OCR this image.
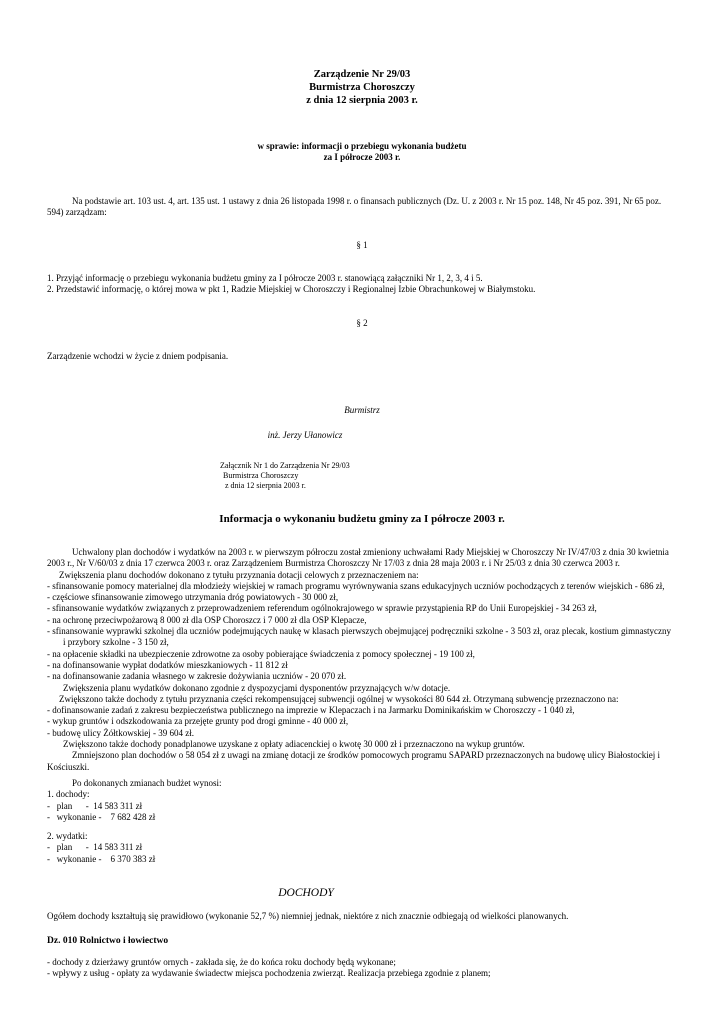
Zarządzenie Nr 29/03
Burmistrza Choroszczy
z dnia 12 sierpnia 2003 r.
w sprawie: informacji o przebiegu wykonania budżetu
za I półrocze 2003 r.
Na podstawie art. 103 ust. 4, art. 135 ust. 1 ustawy z dnia 26 listopada 1998 r. o finansach publicznych (Dz. U. z 2003 r. Nr 15 poz. 148, Nr 45 poz. 391, Nr 65 poz.
594) zarządzam:
§ 1
1. Przyjąć informację o przebiegu wykonania budżetu gminy za I półrocze 2003 r. stanowiącą załączniki Nr 1, 2, 3, 4 i 5.
2. Przedstawić informację, o której mowa w pkt 1, Radzie Miejskiej w Choroszczy i Regionalnej Izbie Obrachunkowej w Białymstoku.
§ 2
Zarządzenie wchodzi w życie z dniem podpisania.
Burmistrz
inż. Jerzy Ułanowicz
Załącznik Nr 1 do Zarządzenia Nr 29/03
Burmistrza Choroszczy
z dnia 12 sierpnia 2003 r.
Informacja o wykonaniu budżetu gminy za I półrocze 2003 r.
Uchwalony plan dochodów i wydatków na 2003 r. w pierwszym półroczu został zmieniony uchwałami Rady Miejskiej w Choroszczy Nr IV/47/03 z dnia 30 kwietnia
2003 r., Nr V/60/03 z dnia 17 czerwca 2003 r. oraz Zarządzeniem Burmistrza Choroszczy Nr 17/03 z dnia 28 maja 2003 r. i Nr 25/03 z dnia 30 czerwca 2003 r.
Zwiększenia planu dochodów dokonano z tytułu przyznania dotacji celowych z przeznaczeniem na:
- sfinansowanie pomocy materialnej dla młodzieży wiejskiej w ramach programu wyrównywania szans edukacyjnych uczniów pochodzących z terenów wiejskich - 686 zł,
- częściowe sfinansowanie zimowego utrzymania dróg powiatowych - 30 000 zł,
- sfinansowanie wydatków związanych z przeprowadzeniem referendum ogólnokrajowego w sprawie przystąpienia RP do Unii Europejskiej - 34 263 zł,
- na ochronę przeciwpożarową 8 000 zł dla OSP Choroszcz i 7 000 zł dla OSP Klepacze,
- sfinansowanie wyprawki szkolnej dla uczniów podejmujących naukę w klasach pierwszych obejmującej podręczniki szkolne - 3 503 zł, oraz plecak, kostium gimnastyczny
i przybory szkolne - 3 150 zł,
- na opłacenie składki na ubezpieczenie zdrowotne za osoby pobierające świadczenia z pomocy społecznej - 19 100 zł,
- na dofinansowanie wypłat dodatków mieszkaniowych - 11 812 zł
- na dofinansowanie zadania własnego w zakresie dożywiania uczniów - 20 070 zł.
Zwiększenia planu wydatków dokonano zgodnie z dyspozycjami dysponentów przyznających w/w dotacje.
Zwiększono także dochody z tytułu przyznania części rekompensującej subwencji ogólnej w wysokości 80 644 zł. Otrzymaną subwencję przeznaczono na:
- dofinansowanie zadań z zakresu bezpieczeństwa publicznego na imprezie w Klepaczach i na Jarmarku Dominikańskim w Choroszczy - 1 040 zł,
- wykup gruntów i odszkodowania za przejęte grunty pod drogi gminne - 40 000 zł,
- budowę ulicy Żółtkowskiej - 39 604 zł.
Zwiększono także dochody ponadplanowe uzyskane z opłaty adiacenckiej o kwotę 30 000 zł i przeznaczono na wykup gruntów.
Zmniejszono plan dochodów o 58 054 zł z uwagi na zmianę dotacji ze środków pomocowych programu SAPARD przeznaczonych na budowę ulicy Białostockiej i
Kościuszki.
Po dokonanych zmianach budżet wynosi:
1. dochody:
-   plan      -  14 583 311 zł
-   wykonanie -    7 682 428 zł
2. wydatki:
-   plan      -  14 583 311 zł
-   wykonanie -    6 370 383 zł
DOCHODY
Ogółem dochody kształtują się prawidłowo (wykonanie 52,7 %) niemniej jednak, niektóre z nich znacznie odbiegają od wielkości planowanych.
Dz. 010 Rolnictwo i łowiectwo
- dochody z dzierżawy gruntów ornych - zakłada się, że do końca roku dochody będą wykonane;
- wpływy z usług - opłaty za wydawanie świadectw miejsca pochodzenia zwierząt. Realizacja przebiega zgodnie z planem;
